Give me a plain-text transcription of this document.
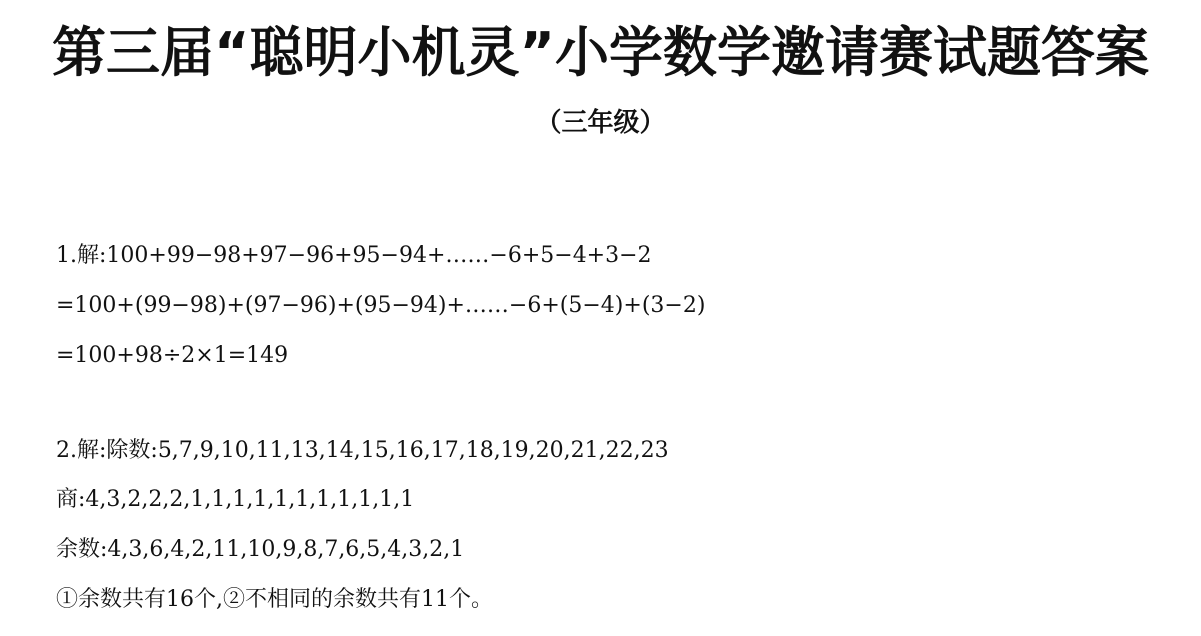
第三届“聪明小机灵”小学数学邀请赛试题答案
（三年级）
1.解:100+99−98+97−96+95−94+……−6+5−4+3−2
=100+(99−98)+(97−96)+(95−94)+……−6+(5−4)+(3−2)
=100+98÷2×1=149
2.解:除数:5,7,9,10,11,13,14,15,16,17,18,19,20,21,22,23
商:4,3,2,2,2,1,1,1,1,1,1,1,1,1,1,1
余数:4,3,6,4,2,11,10,9,8,7,6,5,4,3,2,1
①余数共有16个,②不相同的余数共有11个。
